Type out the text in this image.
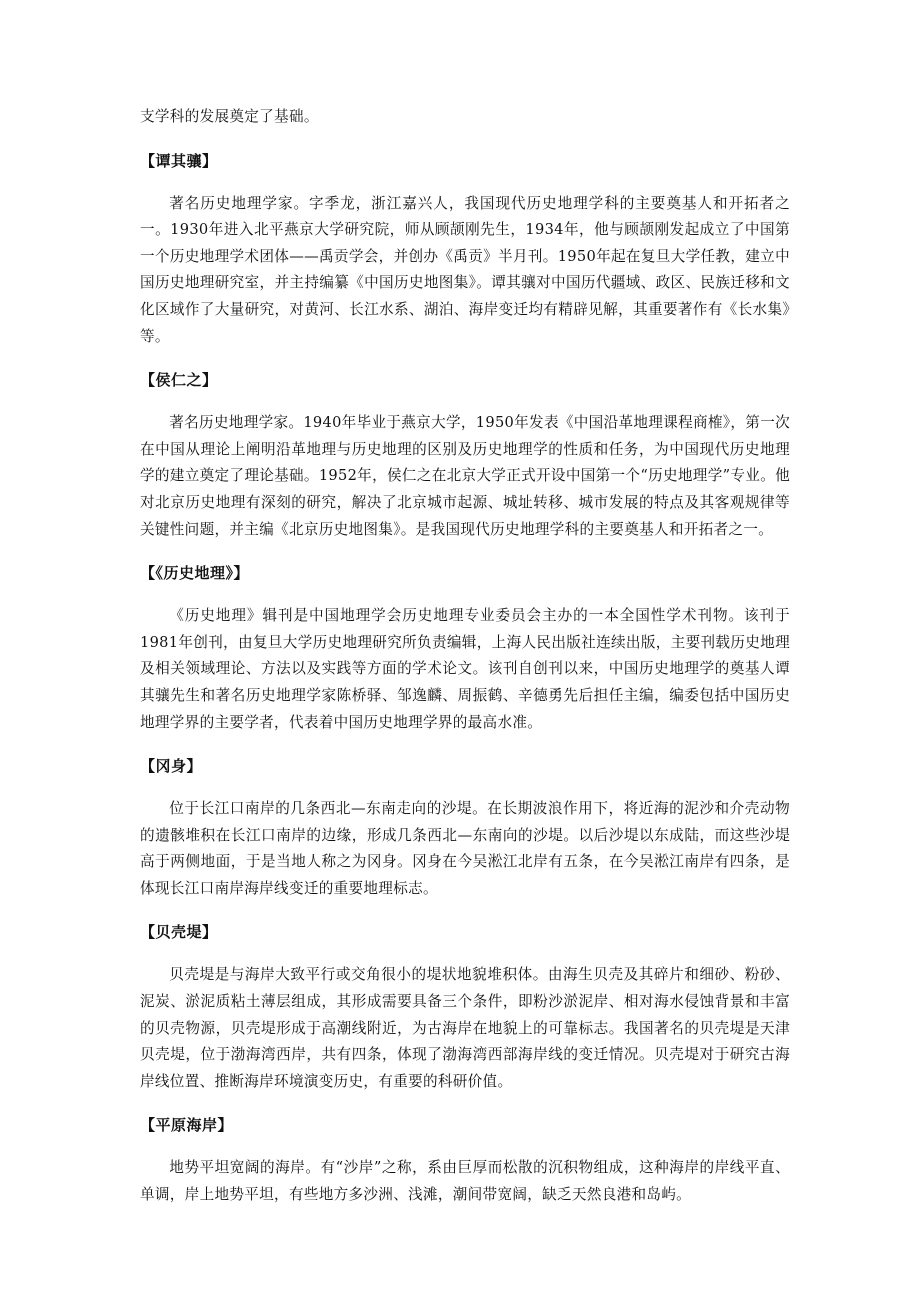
支学科的发展奠定了基础。

【谭其骧】

著名历史地理学家。字季龙，浙江嘉兴人，我国现代历史地理学科的主要奠基人和开拓者之一。1930年进入北平燕京大学研究院，师从顾颉刚先生，1934年，他与顾颉刚发起成立了中国第一个历史地理学术团体——禹贡学会，并创办《禹贡》半月刊。1950年起在复旦大学任教，建立中国历史地理研究室，并主持编纂《中国历史地图集》。谭其骧对中国历代疆域、政区、民族迁移和文化区域作了大量研究，对黄河、长江水系、湖泊、海岸变迁均有精辟见解，其重要著作有《长水集》等。

【侯仁之】

著名历史地理学家。1940年毕业于燕京大学，1950年发表《中国沿革地理课程商榷》，第一次在中国从理论上阐明沿革地理与历史地理的区别及历史地理学的性质和任务，为中国现代历史地理学的建立奠定了理论基础。1952年，侯仁之在北京大学正式开设中国第一个“历史地理学”专业。他对北京历史地理有深刻的研究，解决了北京城市起源、城址转移、城市发展的特点及其客观规律等关键性问题，并主编《北京历史地图集》。是我国现代历史地理学科的主要奠基人和开拓者之一。

【《历史地理》】

《历史地理》辑刊是中国地理学会历史地理专业委员会主办的一本全国性学术刊物。该刊于1981年创刊，由复旦大学历史地理研究所负责编辑，上海人民出版社连续出版，主要刊载历史地理及相关领域理论、方法以及实践等方面的学术论文。该刊自创刊以来，中国历史地理学的奠基人谭其骧先生和著名历史地理学家陈桥驿、邹逸麟、周振鹤、辛德勇先后担任主编，编委包括中国历史地理学界的主要学者，代表着中国历史地理学界的最高水准。

【冈身】

位于长江口南岸的几条西北—东南走向的沙堤。在长期波浪作用下，将近海的泥沙和介壳动物的遗骸堆积在长江口南岸的边缘，形成几条西北—东南向的沙堤。以后沙堤以东成陆，而这些沙堤高于两侧地面，于是当地人称之为冈身。冈身在今吴淞江北岸有五条，在今吴淞江南岸有四条，是体现长江口南岸海岸线变迁的重要地理标志。

【贝壳堤】

贝壳堤是与海岸大致平行或交角很小的堤状地貌堆积体。由海生贝壳及其碎片和细砂、粉砂、泥炭、淤泥质粘土薄层组成，其形成需要具备三个条件，即粉沙淤泥岸、相对海水侵蚀背景和丰富的贝壳物源，贝壳堤形成于高潮线附近，为古海岸在地貌上的可靠标志。我国著名的贝壳堤是天津贝壳堤，位于渤海湾西岸，共有四条，体现了渤海湾西部海岸线的变迁情况。贝壳堤对于研究古海岸线位置、推断海岸环境演变历史，有重要的科研价值。

【平原海岸】

地势平坦宽阔的海岸。有“沙岸”之称，系由巨厚而松散的沉积物组成，这种海岸的岸线平直、单调，岸上地势平坦，有些地方多沙洲、浅滩，潮间带宽阔，缺乏天然良港和岛屿。
